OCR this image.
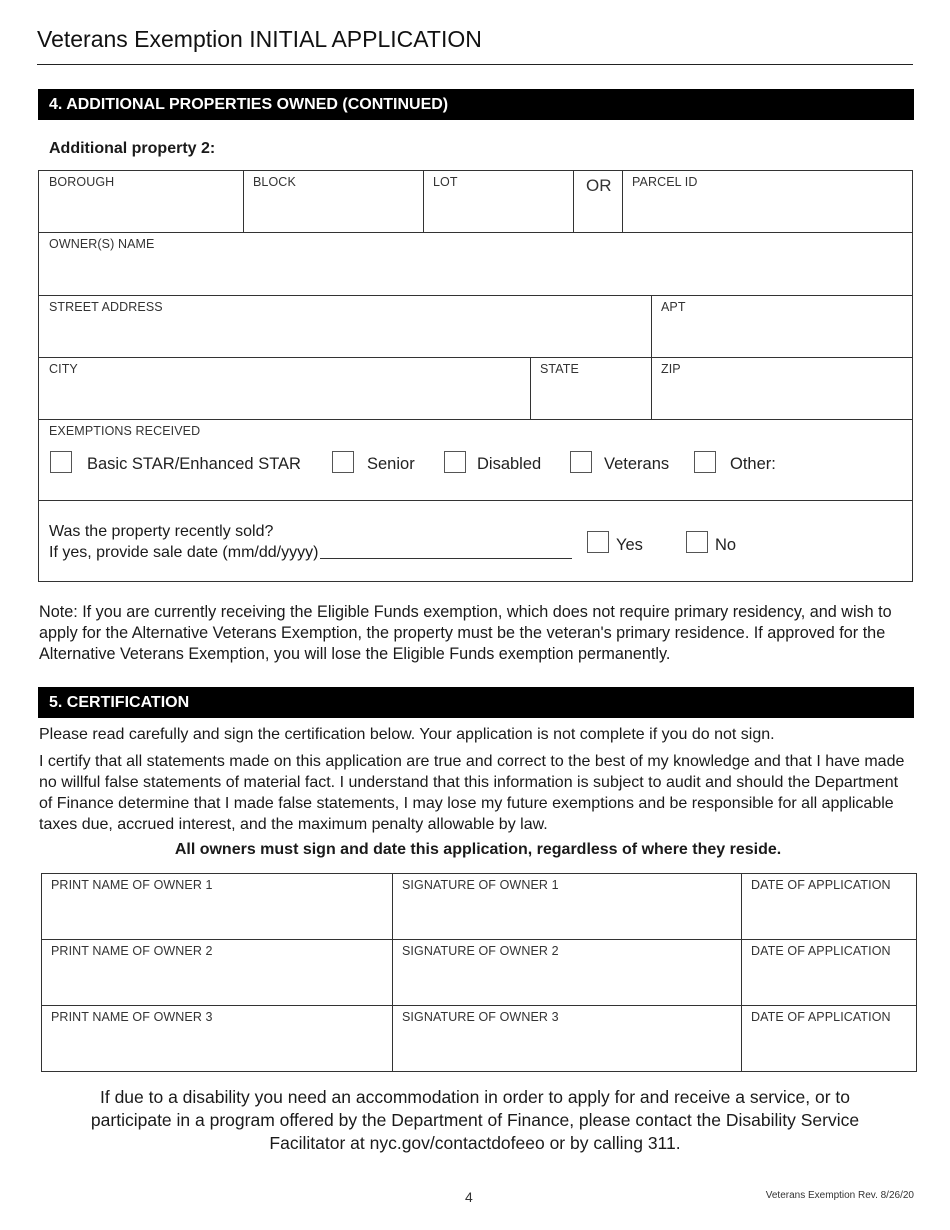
Veterans Exemption INITIAL APPLICATION
4. ADDITIONAL PROPERTIES OWNED (CONTINUED)
Additional property 2:
BOROUGH	BLOCK	LOT	OR PARCEL ID
OWNER(S) NAME
STREET ADDRESS	APT
CITY	STATE	ZIP
EXEMPTIONS RECEIVED
Basic STAR/Enhanced STAR	Senior	Disabled	Veterans	Other:
Was the property recently sold?
If yes, provide sale date (mm/dd/yyyy)	Yes	No
Note: If you are currently receiving the Eligible Funds exemption, which does not require primary residency, and wish to apply for the Alternative Veterans Exemption, the property must be the veteran's primary residence. If approved for the Alternative Veterans Exemption, you will lose the Eligible Funds exemption permanently.
5. CERTIFICATION
Please read carefully and sign the certification below. Your application is not complete if you do not sign.
I certify that all statements made on this application are true and correct to the best of my knowledge and that I have made no willful false statements of material fact. I understand that this information is subject to audit and should the Department of Finance determine that I made false statements, I may lose my future exemptions and be responsible for all applicable taxes due, accrued interest, and the maximum penalty allowable by law.
All owners must sign and date this application, regardless of where they reside.
PRINT NAME OF OWNER 1	SIGNATURE OF OWNER 1	DATE OF APPLICATION
PRINT NAME OF OWNER 2	SIGNATURE OF OWNER 2	DATE OF APPLICATION
PRINT NAME OF OWNER 3	SIGNATURE OF OWNER 3	DATE OF APPLICATION
If due to a disability you need an accommodation in order to apply for and receive a service, or to participate in a program offered by the Department of Finance, please contact the Disability Service Facilitator at nyc.gov/contactdofeeo or by calling 311.
4	Veterans Exemption Rev. 8/26/20
